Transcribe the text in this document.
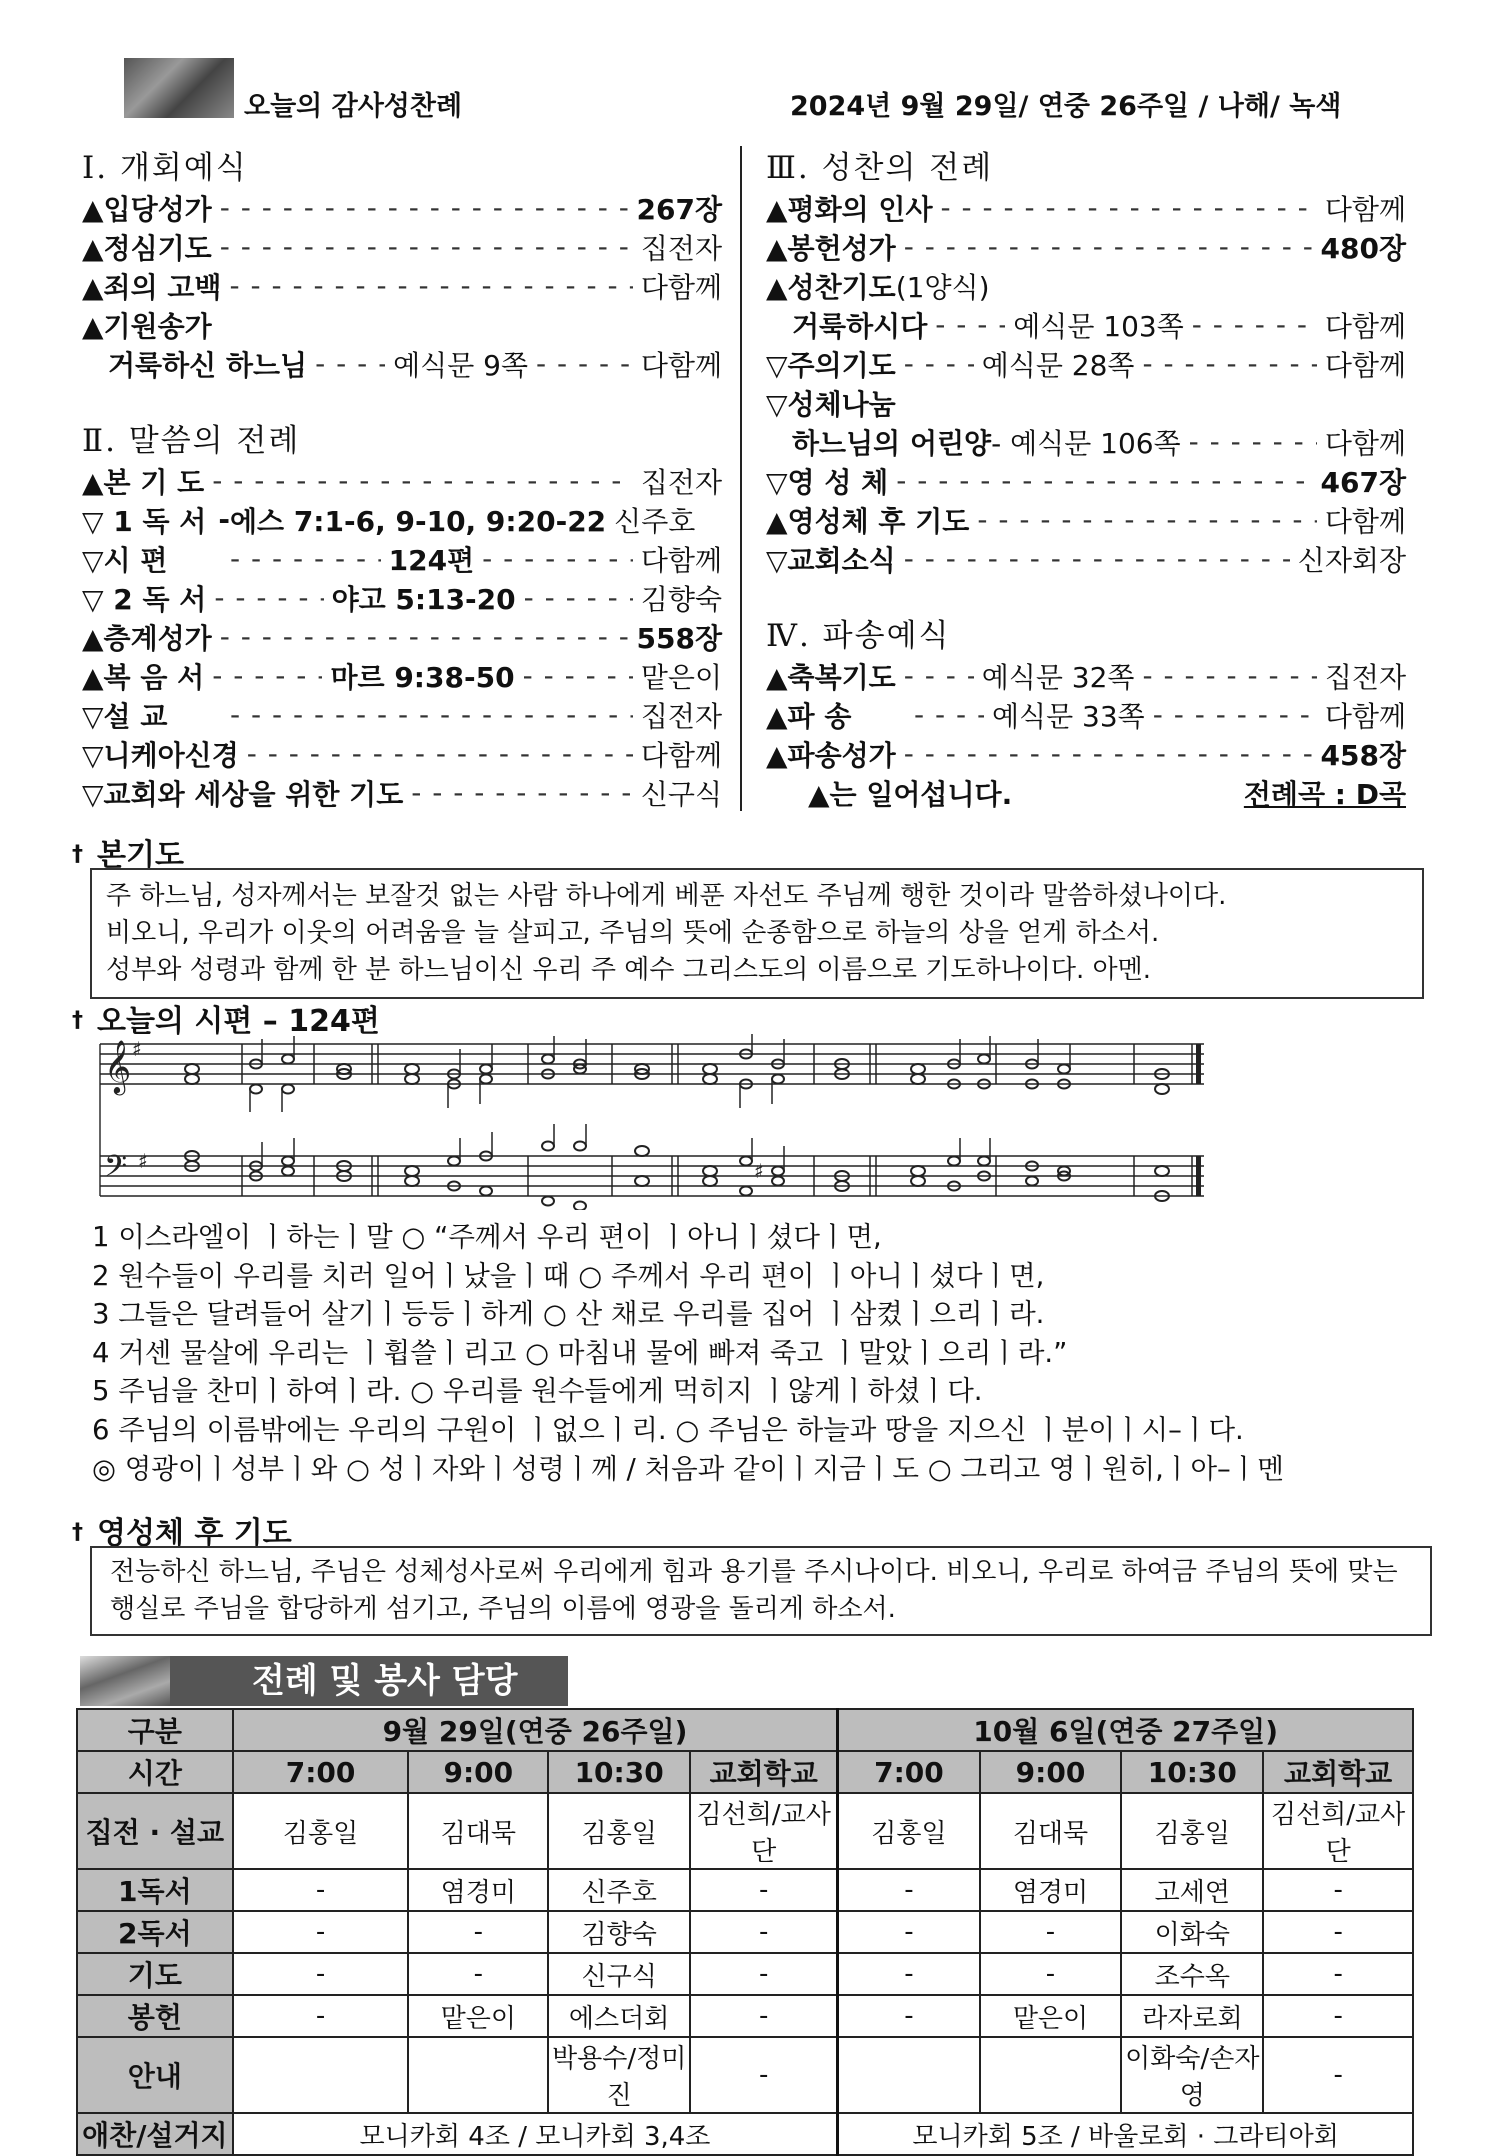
오늘의 감사성찬례	2024년 9월 29일/ 연중 26주일 / 나해/ 녹색
Ⅰ. 개회예식
▲입당성가 - - -	267장
▲정심기도 - - -	집전자
▲죄의 고백 - - -	다함께
▲기원송가
거룩하신 하느님 - - -	예식문 9쪽 - - -	다함께
Ⅱ. 말씀의 전례
▲본 기 도 - - -	집전자
▽ 1 독 서 - 에스 7:1-6, 9-10, 9:20-22 신주호
▽시 편 - - -	124편 - - -	다함께
▽ 2 독 서 - - -	야고 5:13-20 - - -	김향숙
▲층계성가 - - -	558장
▲복 음 서 - - -	마르 9:38-50 - - -	맡은이
▽설 교 - - -	집전자
▽니케아신경 - - -	다함께
▽교회와 세상을 위한 기도 - - -	신구식
Ⅲ. 성찬의 전례
▲평화의 인사 - - -	다함께
▲봉헌성가 - - -	480장
▲성찬기도 (1양식)
거룩하시다 - - -	예식문 103쪽 - - -	다함께
▽주의기도 - - -	예식문 28쪽 - - -	다함께
▽성체나눔
하느님의 어린양 - 예식문 106쪽 - - -	다함께
▽영 성 체 - - -	467장
▲영성체 후 기도 - - -	다함께
▽교회소식 - - -	신자회장
Ⅳ. 파송예식
▲축복기도 - - -	예식문 32쪽 - - -	집전자
▲파 송 - - -	예식문 33쪽 - - -	다함께
▲파송성가 - - -	458장
▲는 일어섭니다.	전례곡 : D곡
† 본기도
주 하느님, 성자께서는 보잘것 없는 사람 하나에게 베푼 자선도 주님께 행한 것이라 말씀하셨나이다.
비오니, 우리가 이웃의 어려움을 늘 살피고, 주님의 뜻에 순종함으로 하늘의 상을 얻게 하소서.
성부와 성령과 함께 한 분 하느님이신 우리 주 예수 그리스도의 이름으로 기도하나이다. 아멘.
† 오늘의 시편 – 124편
𝄞 ♯
𝄢 ♯	♯
1 이스라엘이 ㅣ하는ㅣ말 ○ “주께서 우리 편이 ㅣ아니ㅣ셨다ㅣ면,
2 원수들이 우리를 치러 일어ㅣ났을ㅣ때 ○ 주께서 우리 편이 ㅣ아니ㅣ셨다ㅣ면,
3 그들은 달려들어 살기ㅣ등등ㅣ하게 ○ 산 채로 우리를 집어 ㅣ삼켰ㅣ으리ㅣ라.
4 거센 물살에 우리는 ㅣ휩쓸ㅣ리고 ○ 마침내 물에 빠져 죽고 ㅣ말았ㅣ으리ㅣ라.”
5 주님을 찬미ㅣ하여ㅣ라. ○ 우리를 원수들에게 먹히지 ㅣ않게ㅣ하셨ㅣ다.
6 주님의 이름밖에는 우리의 구원이 ㅣ없으ㅣ리. ○ 주님은 하늘과 땅을 지으신 ㅣ분이ㅣ시–ㅣ다.
◎ 영광이ㅣ성부ㅣ와 ○ 성ㅣ자와ㅣ성령ㅣ께 / 처음과 같이ㅣ지금ㅣ도 ○ 그리고 영ㅣ원히,ㅣ아–ㅣ멘
† 영성체 후 기도
전능하신 하느님, 주님은 성체성사로써 우리에게 힘과 용기를 주시나이다. 비오니, 우리로 하여금 주님의 뜻에 맞는
행실로 주님을 합당하게 섬기고, 주님의 이름에 영광을 돌리게 하소서.
전례 및 봉사 담당
구분	9월 29일(연중 26주일)				10월 6일(연중 27주일)			
시간	7:00	9:00	10:30	교회학교	7:00	9:00	10:30	교회학교
집전 · 설교	김홍일	김대묵	김홍일	김선희/교사단	김홍일	김대묵	김홍일	김선희/교사단
1독서	-	염경미	신주호	-	-	염경미	고세연	-
2독서	-	-	김향숙	-	-	-	이화숙	-
기도	-	-	신구식	-	-	-	조수옥	-
봉헌	-	맡은이	에스더회	-	-	맡은이	라자로회	-
안내			박용수/정미진	-			이화숙/손자영	-
애찬/설거지	모니카회 4조 / 모니카회 3,4조				모니카회 5조 / 바울로회 · 그라티아회			
